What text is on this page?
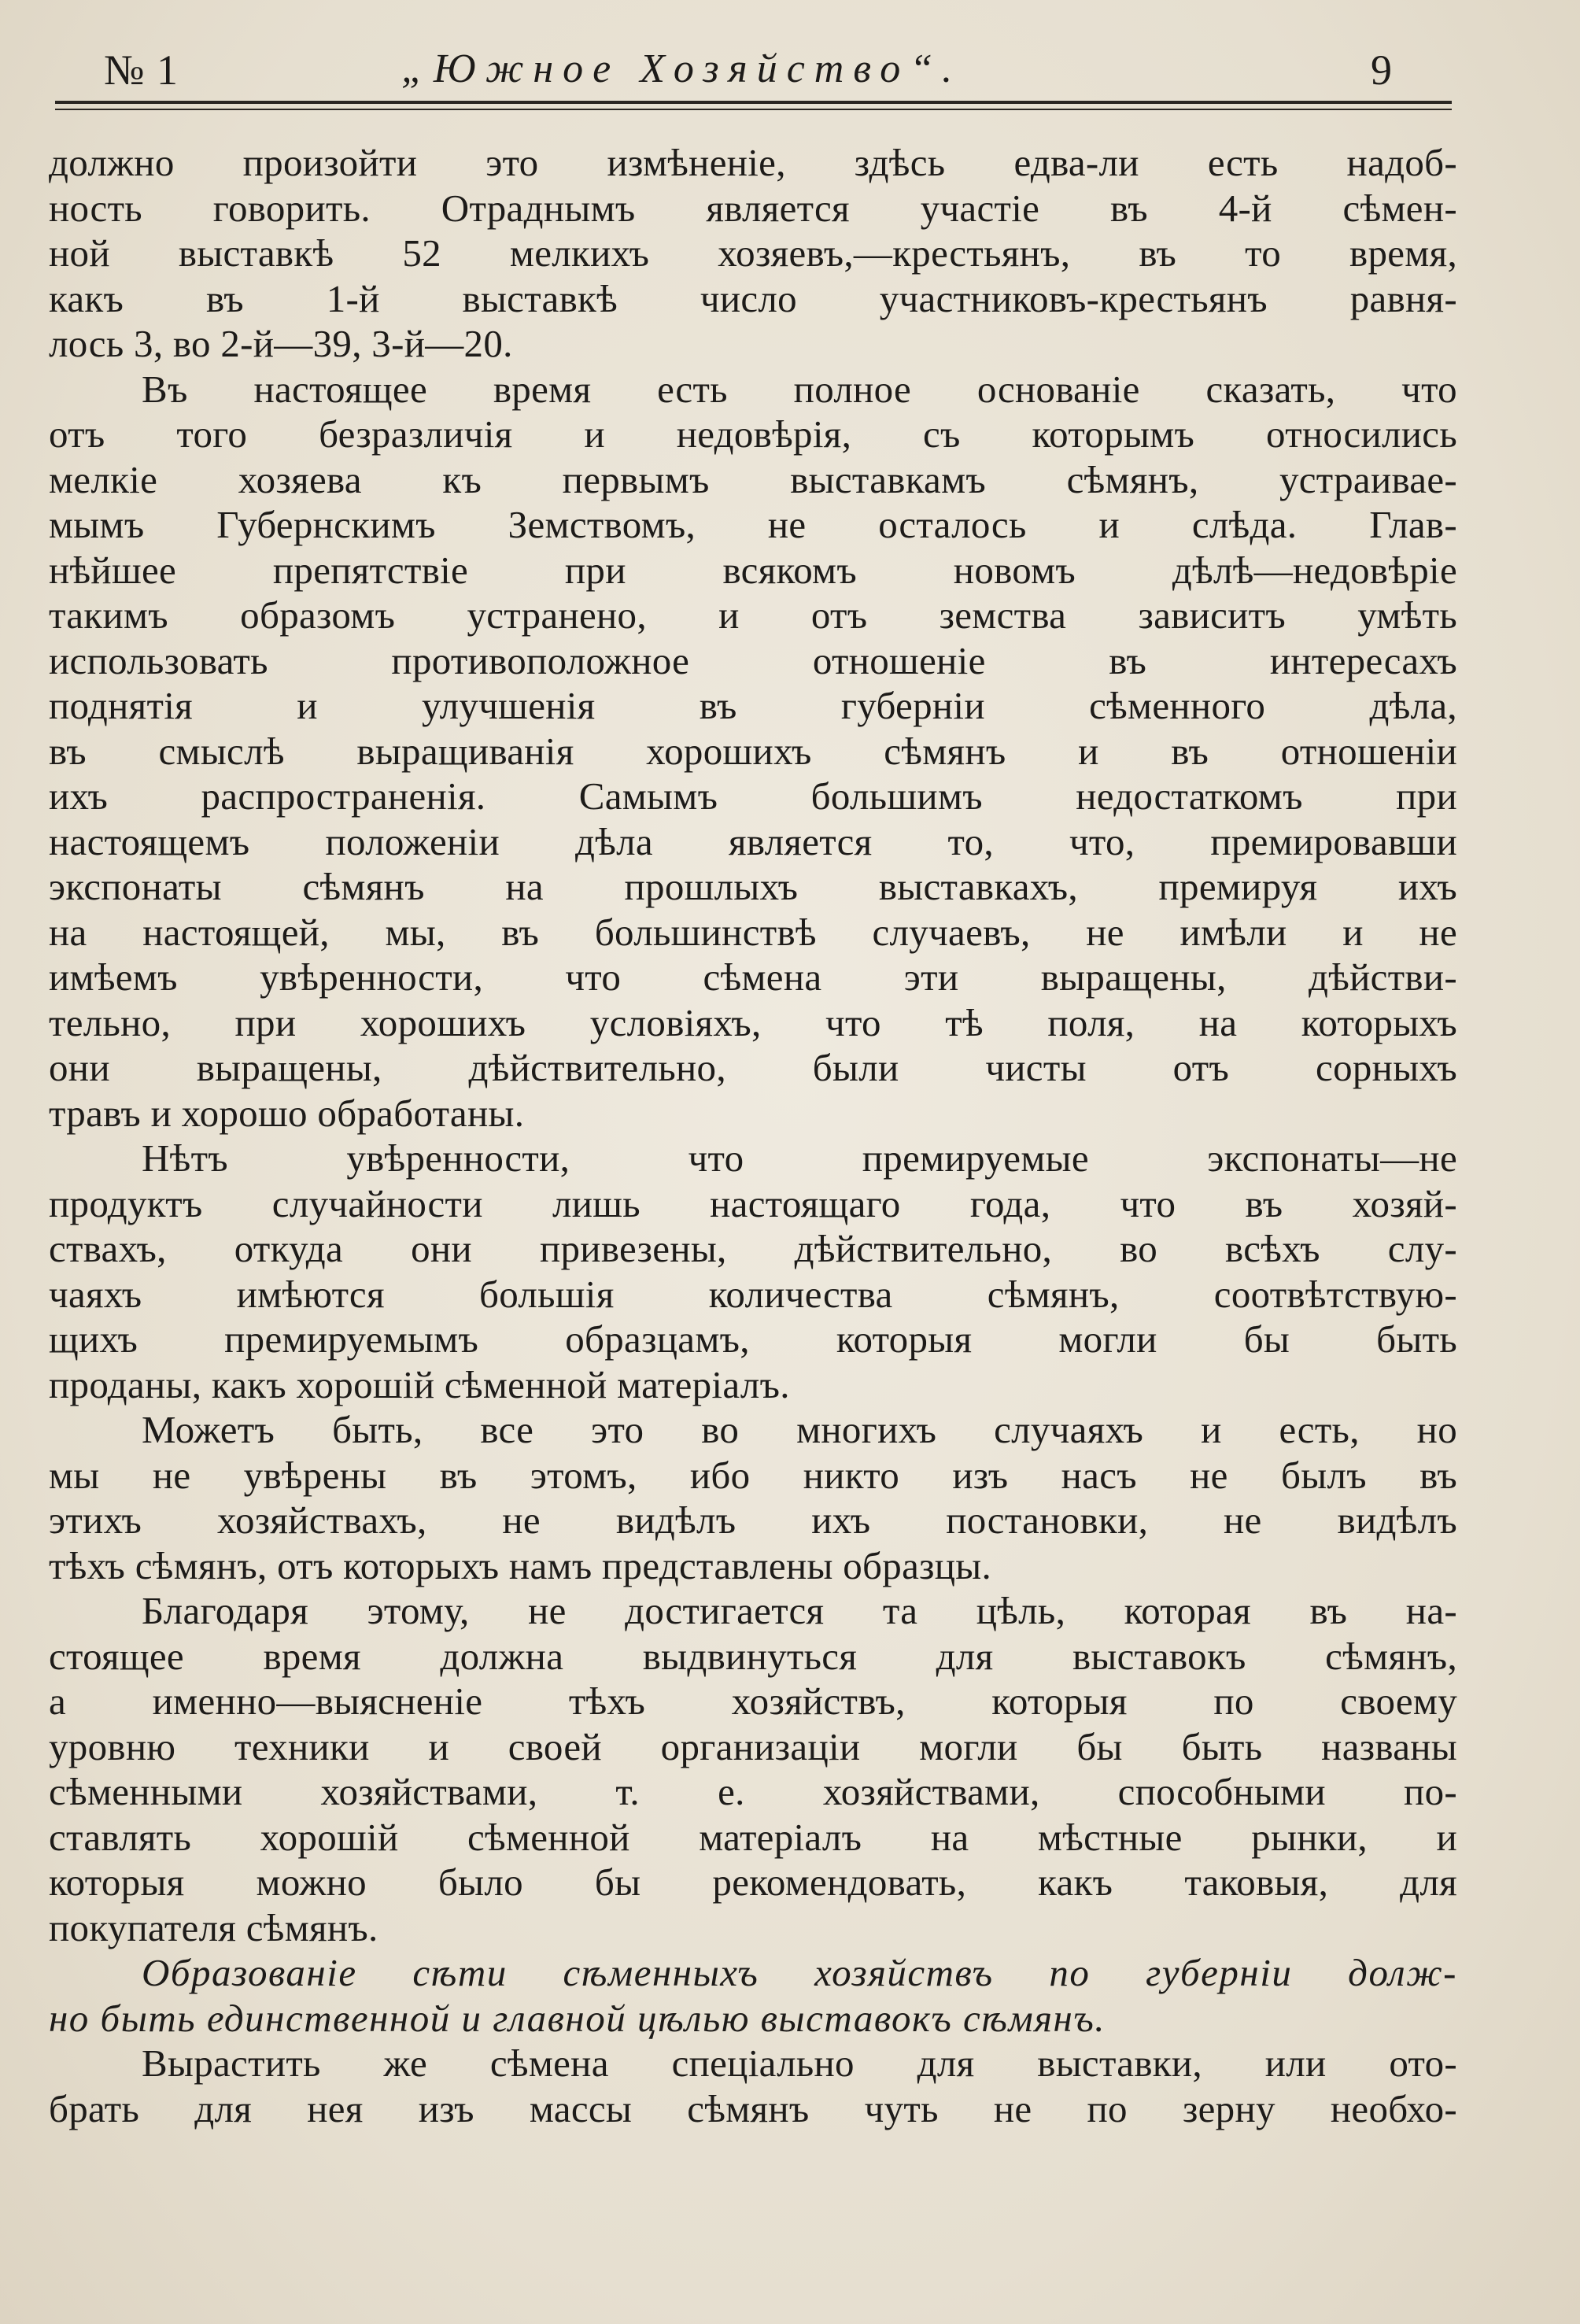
№ 1	„Южное Хозяйство“.	9
должно произойти это измѣненіе, здѣсь едва-ли есть надоб-
ность говорить. Отраднымъ является участіе въ 4-й сѣмен-
ной выставкѣ 52 мелкихъ хозяевъ,—крестьянъ, въ то время,
какъ въ 1-й выставкѣ число участниковъ-крестьянъ равня-
лось 3, во 2-й—39, 3-й—20.
Въ настоящее время есть полное основаніе сказать, что
отъ того безразличія и недовѣрія, съ которымъ относились
мелкіе хозяева къ первымъ выставкамъ сѣмянъ, устраивае-
мымъ Губернскимъ Земствомъ, не осталось и слѣда. Глав-
нѣйшее препятствіе при всякомъ новомъ дѣлѣ—недовѣріе
такимъ образомъ устранено, и отъ земства зависитъ умѣть
использовать противоположное отношеніе въ интересахъ
поднятія и улучшенія въ губерніи сѣменного дѣла,
въ смыслѣ выращиванія хорошихъ сѣмянъ и въ отношеніи
ихъ распространенія. Самымъ большимъ недостаткомъ при
настоящемъ положеніи дѣла является то, что, премировавши
экспонаты сѣмянъ на прошлыхъ выставкахъ, премируя ихъ
на настоящей, мы, въ большинствѣ случаевъ, не имѣли и не
имѣемъ увѣренности, что сѣмена эти выращены, дѣйстви-
тельно, при хорошихъ условіяхъ, что тѣ поля, на которыхъ
они выращены, дѣйствительно, были чисты отъ сорныхъ
травъ и хорошо обработаны.
Нѣтъ увѣренности, что премируемые экспонаты—не
продуктъ случайности лишь настоящаго года, что въ хозяй-
ствахъ, откуда они привезены, дѣйствительно, во всѣхъ слу-
чаяхъ имѣются большія количества сѣмянъ, соотвѣтствую-
щихъ премируемымъ образцамъ, которыя могли бы быть
проданы, какъ хорошій сѣменной матеріалъ.
Можетъ быть, все это во многихъ случаяхъ и есть, но
мы не увѣрены въ этомъ, ибо никто изъ насъ не былъ въ
этихъ хозяйствахъ, не видѣлъ ихъ постановки, не видѣлъ
тѣхъ сѣмянъ, отъ которыхъ намъ представлены образцы.
Благодаря этому, не достигается та цѣль, которая въ на-
стоящее время должна выдвинуться для выставокъ сѣмянъ,
а именно—выясненіе тѣхъ хозяйствъ, которыя по своему
уровню техники и своей организаціи могли бы быть названы
сѣменными хозяйствами, т. е. хозяйствами, способными по-
ставлять хорошій сѣменной матеріалъ на мѣстные рынки, и
которыя можно было бы рекомендовать, какъ таковыя, для
покупателя сѣмянъ.
Образованіе сѣти сѣменныхъ хозяйствъ по губерніи долж-
но быть единственной и главной цѣлью выставокъ сѣмянъ.
Вырастить же сѣмена спеціально для выставки, или ото-
брать для нея изъ массы сѣмянъ чуть не по зерну необхо-
